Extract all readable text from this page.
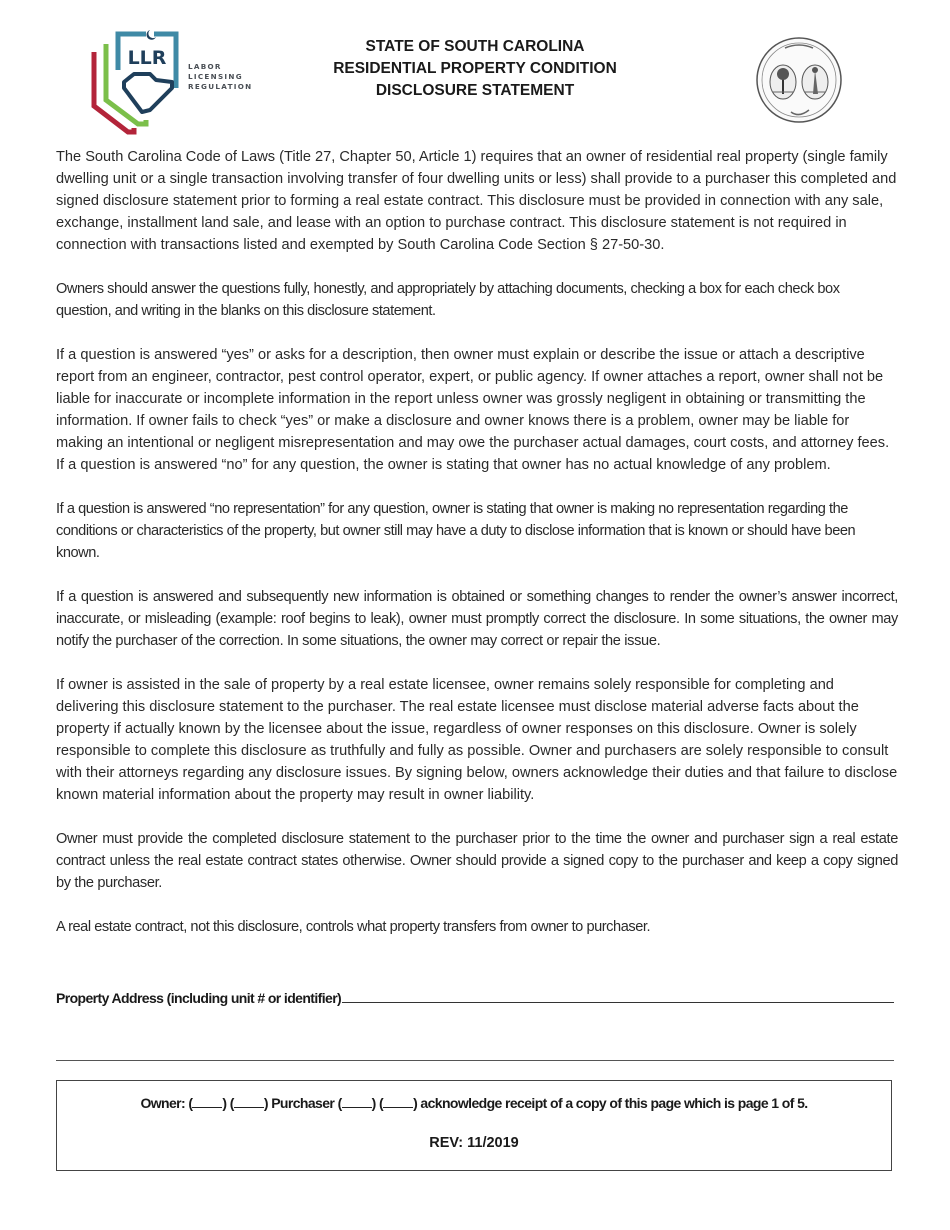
LLR	LABOR
LICENSING
REGULATION
STATE OF SOUTH CAROLINA
RESIDENTIAL PROPERTY CONDITION
DISCLOSURE STATEMENT

The South Carolina Code of Laws (Title 27, Chapter 50, Article 1) requires that an owner of residential real property (single family dwelling unit or a single transaction involving transfer of four dwelling units or less) shall provide to a purchaser this completed and signed disclosure statement prior to forming a real estate contract. This disclosure must be provided in connection with any sale, exchange, installment land sale, and lease with an option to purchase contract. This disclosure statement is not required in connection with transactions listed and exempted by South Carolina Code Section § 27-50-30.

Owners should answer the questions fully, honestly, and appropriately by attaching documents, checking a box for each check box question, and writing in the blanks on this disclosure statement.

If a question is answered “yes” or asks for a description, then owner must explain or describe the issue or attach a descriptive report from an engineer, contractor, pest control operator, expert, or public agency. If owner attaches a report, owner shall not be liable for inaccurate or incomplete information in the report unless owner was grossly negligent in obtaining or transmitting the information. If owner fails to check “yes” or make a disclosure and owner knows there is a problem, owner may be liable for making an intentional or negligent misrepresentation and may owe the purchaser actual damages, court costs, and attorney fees. If a question is answered “no” for any question, the owner is stating that owner has no actual knowledge of any problem.

If a question is answered “no representation” for any question, owner is stating that owner is making no representation regarding the conditions or characteristics of the property, but owner still may have a duty to disclose information that is known or should have been known.

If a question is answered and subsequently new information is obtained or something changes to render the owner’s answer incorrect, inaccurate, or misleading (example: roof begins to leak), owner must promptly correct the disclosure. In some situations, the owner may notify the purchaser of the correction. In some situations, the owner may correct or repair the issue.

If owner is assisted in the sale of property by a real estate licensee, owner remains solely responsible for completing and delivering this disclosure statement to the purchaser. The real estate licensee must disclose material adverse facts about the property if actually known by the licensee about the issue, regardless of owner responses on this disclosure. Owner is solely responsible to complete this disclosure as truthfully and fully as possible. Owner and purchasers are solely responsible to consult with their attorneys regarding any disclosure issues. By signing below, owners acknowledge their duties and that failure to disclose known material information about the property may result in owner liability.

Owner must provide the completed disclosure statement to the purchaser prior to the time the owner and purchaser sign a real estate contract unless the real estate contract states otherwise. Owner should provide a signed copy to the purchaser and keep a copy signed by the purchaser.

A real estate contract, not this disclosure, controls what property transfers from owner to purchaser.

Property Address (including unit # or identifier)
Owner: ( ) ( ) Purchaser ( ) ( ) acknowledge receipt of a copy of this page which is page 1 of 5.
REV: 11/2019
